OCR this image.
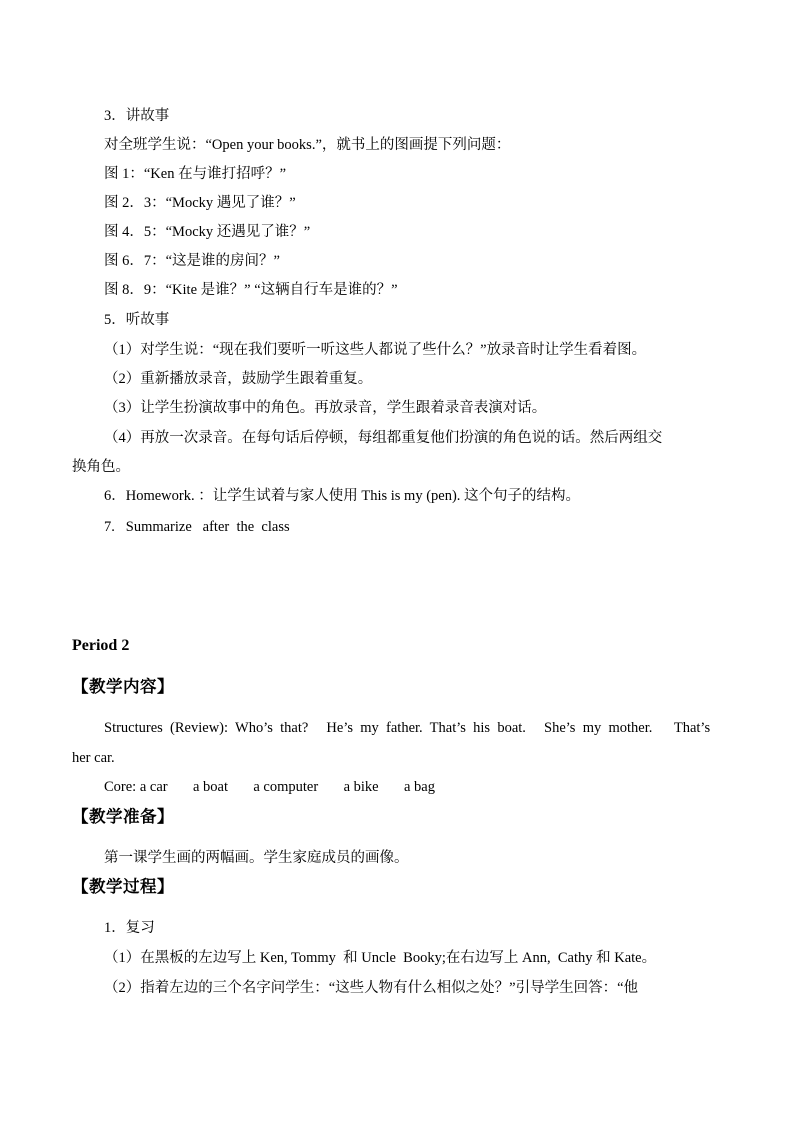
3．讲故事
对全班学生说：“Open your books.”，就书上的图画提下列问题：
图 1：“Ken 在与谁打招呼？”
图 2．3：“Mocky 遇见了谁？”
图 4．5：“Mocky 还遇见了谁？”
图 6．7：“这是谁的房间？”
图 8．9：“Kite 是谁？” “这辆自行车是谁的？”
5．听故事
（1）对学生说：“现在我们要听一听这些人都说了些什么？”放录音时让学生看着图。
（2）重新播放录音，鼓励学生跟着重复。
（3）让学生扮演故事中的角色。再放录音，学生跟着录音表演对话。
（4）再放一次录音。在每句话后停顿，每组都重复他们扮演的角色说的话。然后两组交
换角色。
6．Homework. ：让学生试着与家人使用 This is my (pen). 这个句子的结构。
7.   Summarize   after  the  class
Period 2
【教学内容】
Structures  (Review):  Who’s  that?     He’s  my  father.  That’s  his  boat.     She’s  my  mother.      That’s
her car.
Core: a car       a boat       a computer       a bike       a bag
【教学准备】
第一课学生画的两幅画。学生家庭成员的画像。
【教学过程】
1．复习
（1）在黑板的左边写上 Ken, Tommy  和 Uncle  Booky;在右边写上 Ann,  Cathy 和 Kate。
（2）指着左边的三个名字问学生：“这些人物有什么相似之处？”引导学生回答：“他
